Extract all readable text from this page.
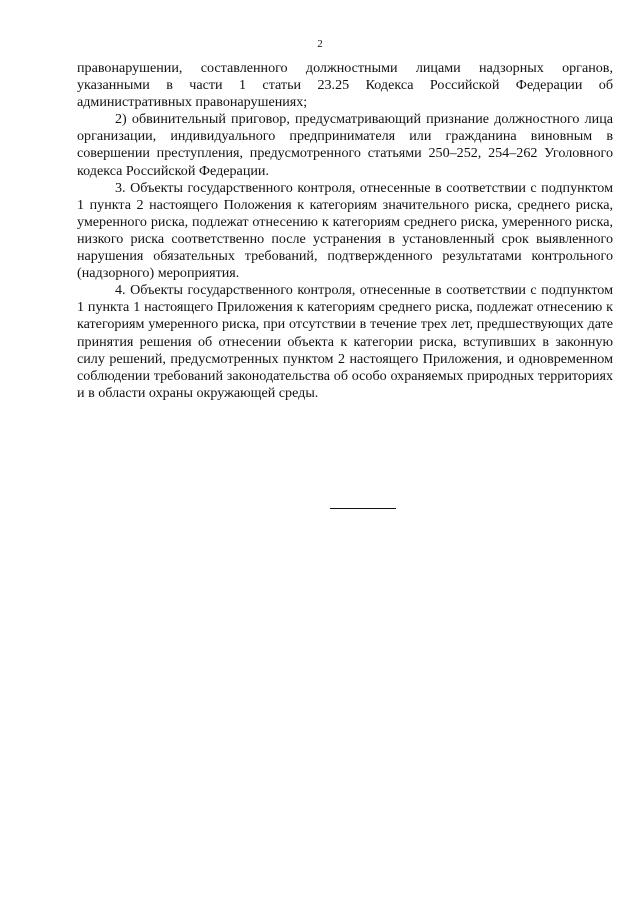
2

правонарушении, составленного должностными лицами надзорных органов, указанными в части 1 статьи 23.25 Кодекса Российской Федерации об административных правонарушениях;

2) обвинительный приговор, предусматривающий признание должностного лица организации, индивидуального предпринимателя или гражданина виновным в совершении преступления, предусмотренного статьями 250–252, 254–262 Уголовного кодекса Российской Федерации.

3. Объекты государственного контроля, отнесенные в соответствии с подпунктом 1 пункта 2 настоящего Положения к категориям значительного риска, среднего риска, умеренного риска, подлежат отнесению к категориям среднего риска, умеренного риска, низкого риска соответственно после устранения в установленный срок выявленного нарушения обязательных требований, подтвержденного результатами контрольного (надзорного) мероприятия.

4. Объекты государственного контроля, отнесенные в соответствии с подпунктом 1 пункта 1 настоящего Приложения к категориям среднего риска, подлежат отнесению к категориям умеренного риска, при отсутствии в течение трех лет, предшествующих дате принятия решения об отнесении объекта к категории риска, вступивших в законную силу решений, предусмотренных пунктом 2 настоящего Приложения, и одновременном соблюдении требований законодательства об особо охраняемых природных территориях и в области охраны окружающей среды.
